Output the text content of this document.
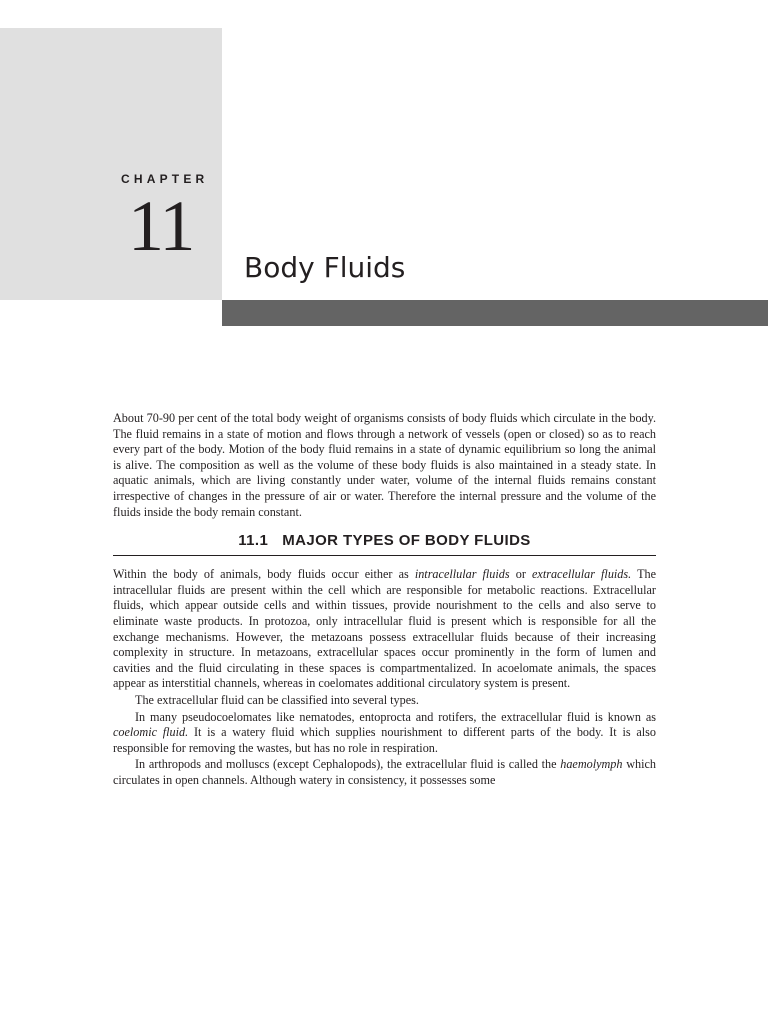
CHAPTER
11
Body Fluids

About 70-90 per cent of the total body weight of organisms consists of body fluids which circulate in the body. The fluid remains in a state of motion and flows through a network of vessels (open or closed) so as to reach every part of the body. Motion of the body fluid remains in a state of dynamic equilibrium so long the animal is alive. The composition as well as the volume of these body fluids is also maintained in a steady state. In aquatic animals, which are living constantly under water, volume of the internal fluids remains constant irrespective of changes in the pressure of air or water. Therefore the internal pressure and the volume of the fluids inside the body remain constant.

11.1 MAJOR TYPES OF BODY FLUIDS

Within the body of animals, body fluids occur either as intracellular fluids or extracellular fluids. The intracellular fluids are present within the cell which are responsible for metabolic reactions. Extracellular fluids, which appear outside cells and within tissues, provide nourishment to the cells and also serve to eliminate waste products. In protozoa, only intracellular fluid is present which is responsible for all the exchange mechanisms. However, the metazoans possess extracellular fluids because of their increasing complexity in structure. In metazoans, extracellular spaces occur prominently in the form of lumen and cavities and the fluid circulating in these spaces is compartmentalized. In acoelomate animals, the spaces appear as interstitial channels, whereas in coelomates additional circulatory system is present.

The extracellular fluid can be classified into several types.

In many pseudocoelomates like nematodes, entoprocta and rotifers, the extracellular fluid is known as coelomic fluid. It is a watery fluid which supplies nourishment to different parts of the body. It is also responsible for removing the wastes, but has no role in respiration.

In arthropods and molluscs (except Cephalopods), the extracellular fluid is called the haemolymph which circulates in open channels. Although watery in consistency, it possesses some
